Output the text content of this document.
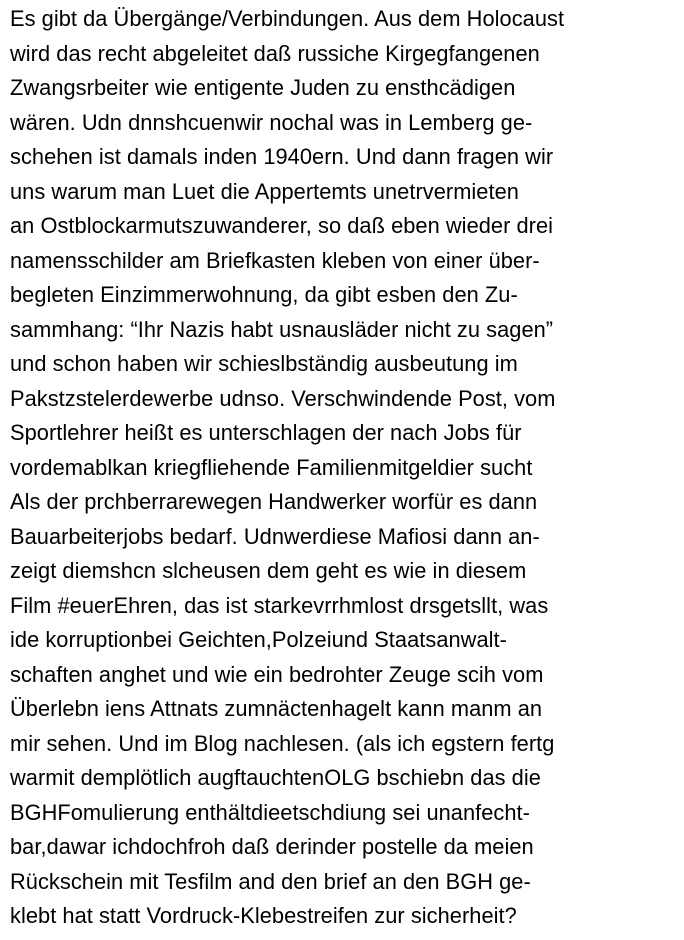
Es gibt da Übergänge/Verbindungen. Aus dem Holocaust
wird das recht abgeleitet daß russiche Kirgegfangenen
Zwangsrbeiter wie entigente Juden zu ensthcädigen
wären. Udn dnnshcuenwir nochal was in Lemberg ge-
schehen ist damals inden 1940ern. Und dann fragen wir
uns warum man Luet die Appertemts unetrvermieten
an Ostblockarmutszuwanderer, so daß eben wieder drei
namensschilder am Briefkasten kleben von einer über-
begleten Einzimmerwohnung, da gibt esben den Zu-
sammhang: “Ihr Nazis habt usnausläder nicht zu sagen”
und schon haben wir schieslbständig ausbeutung im
Pakstzstelerdewerbe udnso. Verschwindende Post, vom
Sportlehrer heißt es unterschlagen der nach Jobs für
vordemablkan kriegfliehende Familienmitgeldier sucht
Als der prchberrarewegen Handwerker worfür es dann
Bauarbeiterjobs bedarf. Udnwerdiese Mafiosi dann an-
zeigt diemshcn slcheusen dem geht es wie in diesem
Film #euerEhren, das ist starkevrrhmlost drsgetsllt, was
ide korruptionbei Geichten,Polzeiund Staatsanwalt-
schaften anghet und wie ein bedrohter Zeuge scih vom
Überlebn iens Attnats zumnäctenhagelt kann manm an
mir sehen. Und im Blog nachlesen. (als ich egstern fertg
warmit demplötlich augftauchtenOLG bschiebn das die
BGHFomulierung enthältdieetschdiung sei unanfecht-
bar,dawar ichdochfroh daß derinder postelle da meien
Rückschein mit Tesfilm and den brief an den BGH ge-
klebt hat statt Vordruck-Klebestreifen zur sicherheit?
